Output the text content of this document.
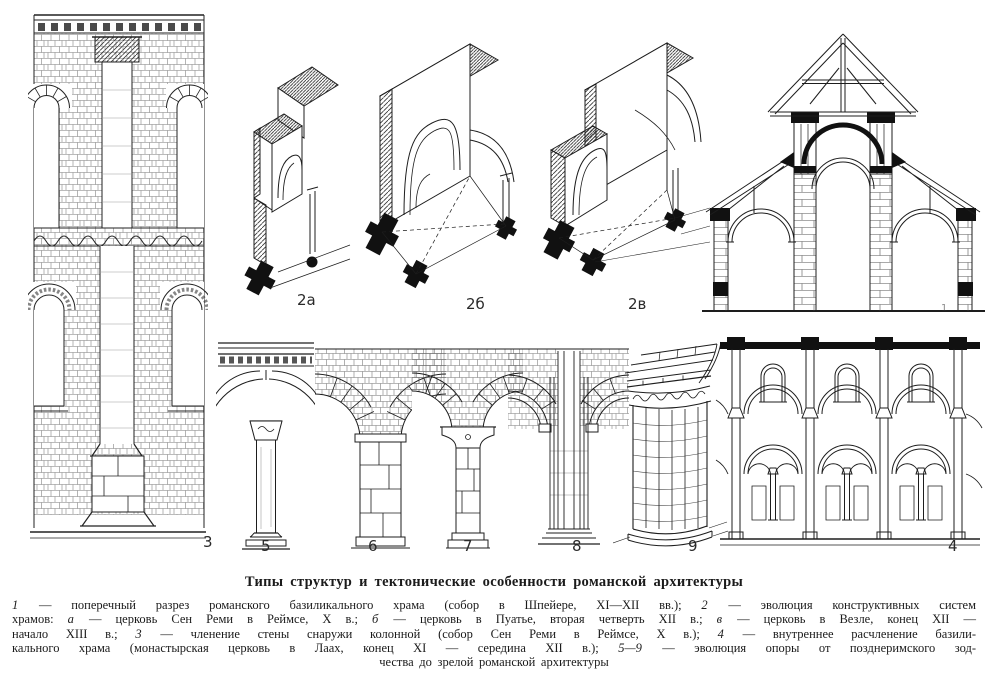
2а	2б	2в	1
3	5	6	7	8	9	4
Типы структур и тектонические особенности романской архитектуры
1 — поперечный разрез романского базиликального храма (собор в Шпейере, XI—XII вв.); 2 — эволюция конструктивных систем
храмов: а — церковь Сен Реми в Реймсе, X в.; б — церковь в Пуатье, вторая четверть XII в.; в — церковь в Везле, конец XII —
начало XIII в.; 3 — членение стены снаружи колонной (собор Сен Реми в Реймсе, X в.); 4 — внутреннее расчленение базили-
кального храма (монастырская церковь в Лаах, конец XI — середина XII в.); 5—9 — эволюция опоры от позднеримского зод-
чества до зрелой романской архитектуры
